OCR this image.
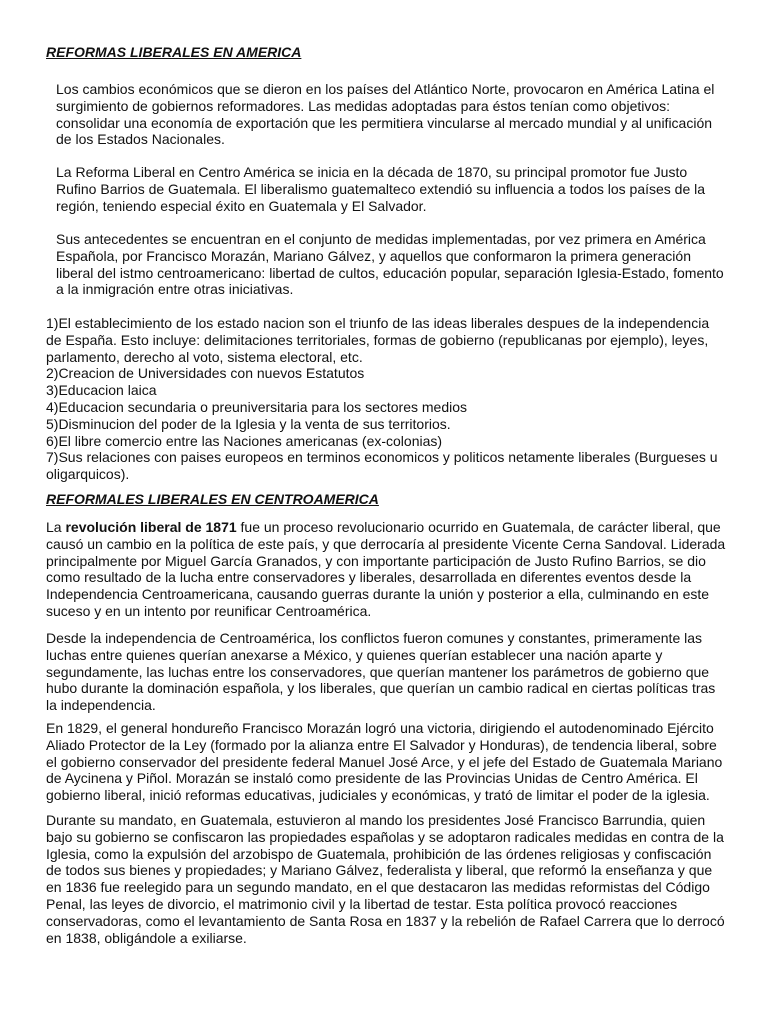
REFORMAS LIBERALES EN AMERICA
Los cambios económicos que se dieron en los países del Atlántico Norte, provocaron en América Latina el surgimiento de gobiernos reformadores. Las medidas adoptadas para éstos tenían como objetivos: consolidar una economía de exportación que les permitiera vincularse al mercado mundial y al unificación de los Estados Nacionales.
La Reforma Liberal en Centro América se inicia en la década de 1870, su principal promotor fue Justo Rufino Barrios de Guatemala. El liberalismo guatemalteco extendió su influencia a todos los países de la región, teniendo especial éxito en Guatemala y El Salvador.
Sus antecedentes se encuentran en el conjunto de medidas implementadas, por vez primera en América Española, por Francisco Morazán, Mariano Gálvez, y aquellos que conformaron la primera generación liberal del istmo centroamericano: libertad de cultos, educación popular, separación Iglesia-Estado, fomento a la inmigración entre otras iniciativas.
1)El establecimiento de los estado nacion son el triunfo de las ideas liberales despues de la independencia de España. Esto incluye: delimitaciones territoriales, formas de gobierno (republicanas por ejemplo), leyes, parlamento, derecho al voto, sistema electoral, etc.
2)Creacion de Universidades con nuevos Estatutos
3)Educacion laica
4)Educacion secundaria o preuniversitaria para los sectores medios
5)Disminucion del poder de la Iglesia y la venta de sus territorios.
6)El libre comercio entre las Naciones americanas (ex-colonias)
7)Sus relaciones con paises europeos en terminos economicos y politicos netamente liberales (Burgueses u oligarquicos).
REFORMALES LIBERALES EN CENTROAMERICA
La revolución liberal de 1871 fue un proceso revolucionario ocurrido en Guatemala, de carácter liberal, que causó un cambio en la política de este país, y que derrocaría al presidente Vicente Cerna Sandoval. Liderada principalmente por Miguel García Granados, y con importante participación de Justo Rufino Barrios, se dio como resultado de la lucha entre conservadores y liberales, desarrollada en diferentes eventos desde la Independencia Centroamericana, causando guerras durante la unión y posterior a ella, culminando en este suceso y en un intento por reunificar Centroamérica.
Desde la independencia de Centroamérica, los conflictos fueron comunes y constantes, primeramente las luchas entre quienes querían anexarse a México, y quienes querían establecer una nación aparte y segundamente, las luchas entre los conservadores, que querían mantener los parámetros de gobierno que hubo durante la dominación española, y los liberales, que querían un cambio radical en ciertas políticas tras la independencia.
En 1829, el general hondureño Francisco Morazán logró una victoria, dirigiendo el autodenominado Ejército Aliado Protector de la Ley (formado por la alianza entre El Salvador y Honduras), de tendencia liberal, sobre el gobierno conservador del presidente federal Manuel José Arce, y el jefe del Estado de Guatemala Mariano de Aycinena y Piñol. Morazán se instaló como presidente de las Provincias Unidas de Centro América. El gobierno liberal, inició reformas educativas, judiciales y económicas, y trató de limitar el poder de la iglesia.
Durante su mandato, en Guatemala, estuvieron al mando los presidentes José Francisco Barrundia, quien bajo su gobierno se confiscaron las propiedades españolas y se adoptaron radicales medidas en contra de la Iglesia, como la expulsión del arzobispo de Guatemala, prohibición de las órdenes religiosas y confiscación de todos sus bienes y propiedades; y Mariano Gálvez, federalista y liberal, que reformó la enseñanza y que en 1836 fue reelegido para un segundo mandato, en el que destacaron las medidas reformistas del Código Penal, las leyes de divorcio, el matrimonio civil y la libertad de testar. Esta política provocó reacciones conservadoras, como el levantamiento de Santa Rosa en 1837 y la rebelión de Rafael Carrera que lo derrocó en 1838, obligándole a exiliarse.
